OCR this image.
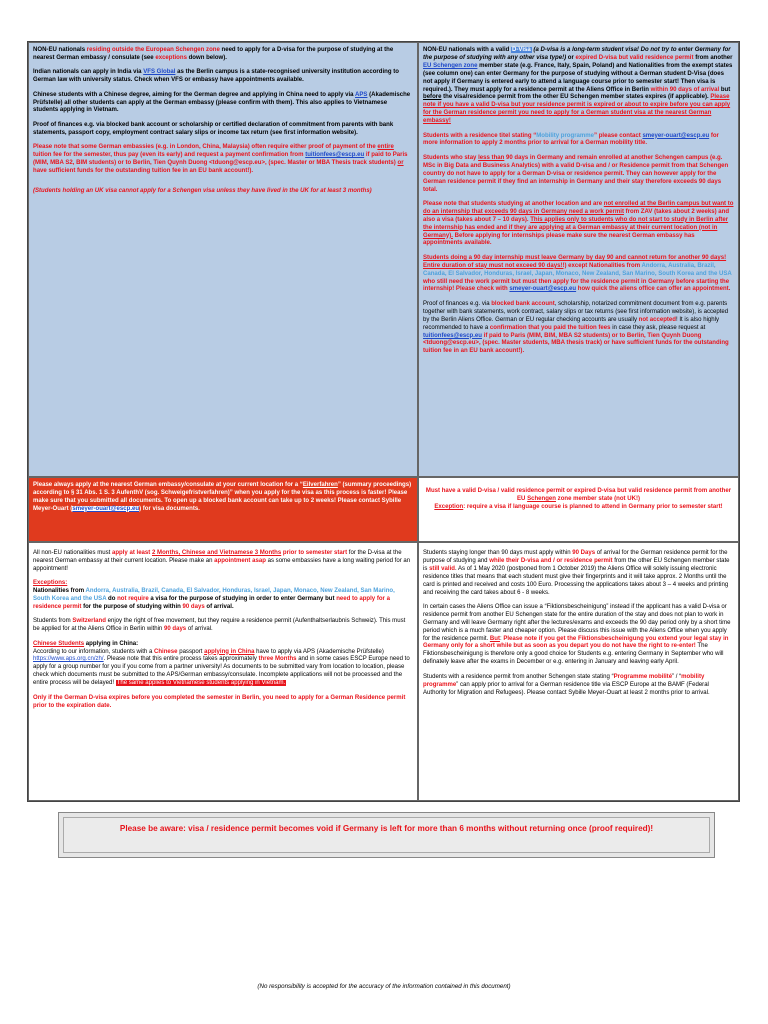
NON-EU nationals residing outside the European Schengen zone need to apply for a D-visa for the purpose of studying at the nearest German embassy / consulate (see exceptions down below).

Indian nationals can apply in India via VFS Global as the Berlin campus is a state-recognised university institution according to German law with university status. Check when VFS or embassy have appointments available.

Chinese students with a Chinese degree, aiming for the German degree and applying in China need to apply via APS (Akademische Prüfstelle) all other students can apply at the German embassy (please confirm with them). This also applies to Vietnamese students applying in Vietnam.

Proof of finances e.g. via blocked bank account or scholarship or certified declaration of commitment from parents with bank statements, passport copy, employment contract salary slips or income tax return (see first information website).

Please note that some German embassies (e.g. in London, China, Malaysia) often require either proof of payment of the entire tuition fee for the semester, thus pay (even its early) and request a payment confirmation from tuitionfees@escp.eu if paid to Paris (MIM, MBA S2, BIM students) or to Berlin, Tien Quynh Duong <tduong@escp.eu>, (spec. Master or MBA Thesis track students) or have sufficient funds for the outstanding tuition fee in an EU bank account!).

(Students holding an UK visa cannot apply for a Schengen visa unless they have lived in the UK for at least 3 months)

NON-EU nationals with a valid D-Visa (a D-visa is a long-term student visa! Do not try to enter Germany for the purpose of studying with any other visa type!) or expired D-visa but valid residence permit from another EU Schengen zone member state (e.g. France, Italy, Spain, Poland) and Nationalities from the exempt states (see column one) can enter Germany for the purpose of studying without a German student D-Visa (does not apply if Germany is entered early to attend a language course prior to semester start! Then visa is required.). They must apply for a residence permit at the Aliens Office in Berlin within 90 days of arrival but before the visa/residence permit from the other EU Schengen member states expires (if applicable). Please note if you have a valid D-visa but your residence permit is expired or about to expire before you can apply for the German residence permit you need to apply for a German student visa at the nearest German embassy!

Students with a residence titel stating “Mobility programme” please contact smeyer-ouart@escp.eu for more information to apply 2 months prior to arrival for a German mobility title.

Students who stay less than 90 days in Germany and remain enrolled at another Schengen campus (e.g. MSc in Big Data and Business Analytics) with a valid D-visa and / or Residence permit from that Schengen country do not have to apply for a German D-visa or residence permit. They can however apply for the German residence permit if they find an internship in Germany and their stay therefore exceeds 90 days total.

Please note that students studying at another location and are not enrolled at the Berlin campus but want to do an internship that exceeds 90 days in Germany need a work permit from ZAV (takes about 2 weeks) and also a visa (takes about 7 – 10 days). This applies only to students who do not start to study in Berlin after the internship has ended and if they are applying at a German embassy at their current location (not in Germany). Before applying for internships please make sure the nearest German embassy has appointments available.

Students doing a 90 day internship must leave Germany by day 90 and cannot return for another 90 days! Entire duration of stay must not exceed 90 days!!) except Nationalities from Andorra, Australia, Brazil, Canada, El Salvador, Honduras, Israel, Japan, Monaco, New Zealand, San Marino, South Korea and the USA who still need the work permit but must then apply for the residence permit in Germany before starting the internship! Please check with smeyer-ouart@escp.eu how quick the aliens office can offer an appointment.

Proof of finances e.g. via blocked bank account, scholarship, notarized commitment document from e.g. parents together with bank statements, work contract, salary slips or tax returns (see first information website), is accepted by the Berlin Aliens Office. German or EU regular checking accounts are usually not accepted! It is also highly recommended to have a confirmation that you paid the tuition fees in case they ask, please request at tuitionfees@escp.eu if paid to Paris (MIM, BIM, MBA S2 students) or to Berlin, Tien Quynh Duong <tduong@escp.eu>, (spec. Master students, MBA thesis track) or have sufficient funds for the outstanding tuition fee in an EU bank account!).

Please always apply at the nearest German embassy/consulate at your current location for a “Eilverfahren” (summary proceedings) according to § 31 Abs. 1 S. 3 AufenthV (sog. Schweigefristverfahren)” when you apply for the visa as this process is faster! Please make sure that you submitted all documents. To open up a blocked bank account can take up to 2 weeks! Please contact Sybille Meyer-Ouart (smeyer-ouart@escp.eu) for visa documents.
Must have a valid D-visa / valid residence permit or expired D-visa but valid residence permit from another EU Schengen zone member state (not UK!)
Exception: require a visa if language course is planned to attend in Germany prior to semester start!

All non-EU nationalities must apply at least 2 Months, Chinese and Vietnamese 3 Months prior to semester start for the D-visa at the nearest German embassy at their current location. Please make an appointment asap as some embassies have a long waiting period for an appointment!

Exceptions:

Nationalities from Andorra, Australia, Brazil, Canada, El Salvador, Honduras, Israel, Japan, Monaco, New Zealand, San Marino, South Korea and the USA do not require a visa for the purpose of studying in order to enter Germany but need to apply for a residence permit for the purpose of studying within 90 days of arrival.

Students from Switzerland enjoy the right of free movement, but they require a residence permit (Aufenthaltserlaubnis Schweiz). This must be applied for at the Aliens Office in Berlin within 90 days of arrival.

Chinese Students applying in China:

According to our information, students with a Chinese passport applying in China have to apply via APS (Akademische Prüfstelle) https://www.aps.org.cn/zh/. Please note that this entire process takes approximately three Months and in some cases ESCP Europe need to apply for a group number for you if you come from a partner university! As documents to be submitted vary from location to location, please check which documents must be submitted to the APS/German embassy/consulate. Incomplete applications will not be processed and the entire process will be delayed! The same applies to Vietnamese students applying in Vietnam.

Only if the German D-visa expires before you completed the semester in Berlin, you need to apply for a German Residence permit prior to the expiration date.

Students staying longer than 90 days must apply within 90 Days of arrival for the German residence permit for the purpose of studying and while their D-visa and / or residence permit from the other EU Schengen member state is still valid. As of 1 May 2020 (postponed from 1 October 2019) the Aliens Office will solely issuing electronic residence titles that means that each student must give their fingerprints and it will take approx. 2 Months until the card is printed and received and costs 100 Euro. Processing the applications takes about 3 – 4 weeks and printing and receiving the card takes about 6 - 8 weeks.

In certain cases the Aliens Office can issue a “Fiktionsbescheinigung” instead if the applicant has a valid D-visa or residence permit from another EU Schengen state for the entire duration of the stay and does not plan to work in Germany and will leave Germany right after the lectures/exams and exceeds the 90 day period only by a short time period which is a much faster and cheaper option. Please discuss this issue with the Aliens Office when you apply for the residence permit. But: Please note if you get the Fiktionsbescheinigung you extend your legal stay in Germany only for a short while but as soon as you depart you do not have the right to re-enter! The Fiktionsbescheinigung is therefore only a good choice for Students e.g. entering Germany in September who will definately leave after the exams in December or e.g. entering in January and leaving early April.

Students with a residence permit from another Schengen state stating “Programme mobilité” / “mobility programme” can apply prior to arrival for a German residence title via ESCP Europe at the BAMF (Federal Authority for Migration and Refugees). Please contact Sybille Meyer-Ouart at least 2 months prior to arrival.

Please be aware: visa / residence permit becomes void if Germany is left for more than 6 months without returning once (proof required)!
(No responsibility is accepted for the accuracy of the information contained in this document)
